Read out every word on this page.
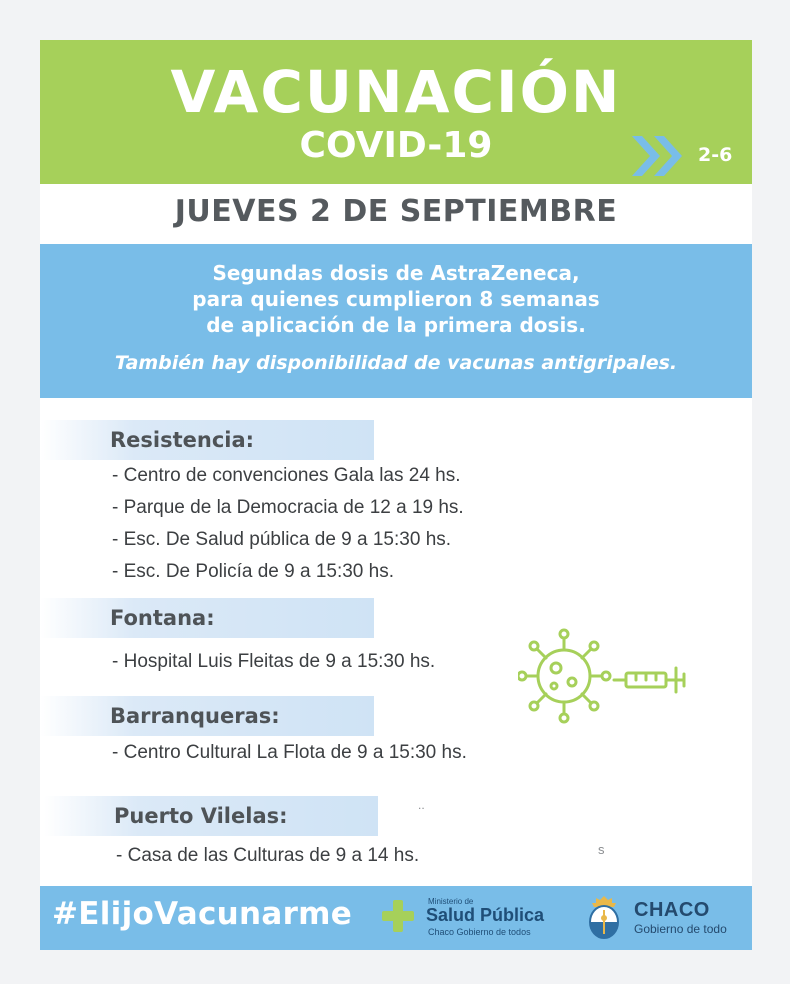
VACUNACIÓN
COVID-19	2-6
JUEVES 2 DE SEPTIEMBRE
Segundas dosis de AstraZeneca,
para quienes cumplieron 8 semanas
de aplicación de la primera dosis.
También hay disponibilidad de vacunas antigripales.
Resistencia:
- Centro de convenciones Gala las 24 hs.
- Parque de la Democracia de 12 a 19 hs.
- Esc. De Salud pública de 9 a 15:30 hs.
- Esc. De Policía de 9 a 15:30 hs.
Fontana:
- Hospital Luis Fleitas de 9 a 15:30 hs.
Barranqueras:
- Centro Cultural La Flota de 9 a 15:30 hs.
Puerto Vilelas:
- Casa de las Culturas de 9 a 14 hs.
..
s
#ElijoVacunarme	Ministerio de
Salud Pública
Chaco Gobierno de todos
CHACO
Gobierno de todo
